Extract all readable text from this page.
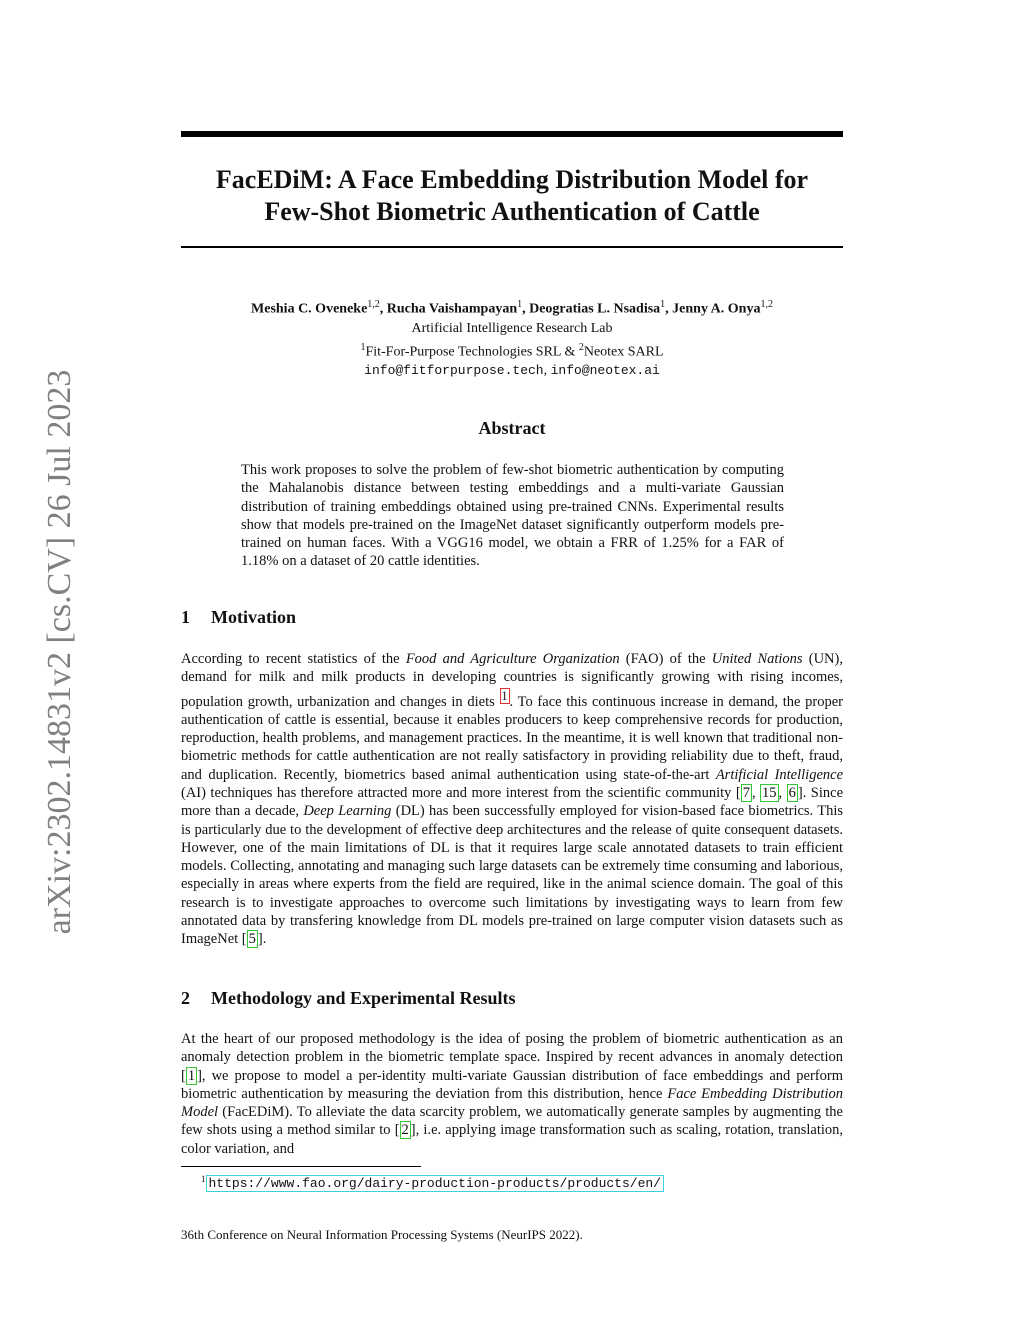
arXiv:2302.14831v2 [cs.CV] 26 Jul 2023
FacEDiM: A Face Embedding Distribution Model for
Few-Shot Biometric Authentication of Cattle
Meshia C. Oveneke$^{1,2}$, Rucha Vaishampayan$^1$, Deogratias L. Nsadisa$^1$, Jenny A. Onya$^{1,2}$
Artificial Intelligence Research Lab
$^1$Fit-For-Purpose Technologies SRL & $^2$Neotex SARL
info@fitforpurpose.tech, info@neotex.ai
Abstract
This work proposes to solve the problem of few-shot biometric authentication by computing the Mahalanobis distance between testing embeddings and a multi-variate Gaussian distribution of training embeddings obtained using pre-trained CNNs. Experimental results show that models pre-trained on the ImageNet dataset significantly outperform models pre-trained on human faces. With a VGG16 model, we obtain a FRR of 1.25% for a FAR of 1.18% on a dataset of 20 cattle identities.
1 Motivation
According to recent statistics of the Food and Agriculture Organization (FAO) of the United Nations (UN), demand for milk and milk products in developing countries is significantly growing with rising incomes, population growth, urbanization and changes in diets $^1$ . To face this continuous increase in demand, the proper authentication of cattle is essential, because it enables producers to keep comprehensive records for production, reproduction, health problems, and management practices. In the meantime, it is well known that traditional non-biometric methods for cattle authentication are not really satisfactory in providing reliability due to theft, fraud, and duplication. Recently, biometrics based animal authentication using state-of-the-art Artificial Intelligence (AI) techniques has therefore attracted more and more interest from the scientific community [ 7 , 15 , 6 ]. Since more than a decade, Deep Learning (DL) has been successfully employed for vision-based face biometrics. This is particularly due to the development of effective deep architectures and the release of quite consequent datasets. However, one of the main limitations of DL is that it requires large scale annotated datasets to train efficient models. Collecting, annotating and managing such large datasets can be extremely time consuming and laborious, especially in areas where experts from the field are required, like in the animal science domain. The goal of this research is to investigate approaches to overcome such limitations by investigating ways to learn from few annotated data by transfering knowledge from DL models pre-trained on large computer vision datasets such as ImageNet [ 5 ].
2 Methodology and Experimental Results
At the heart of our proposed methodology is the idea of posing the problem of biometric authentication as an anomaly detection problem in the biometric template space. Inspired by recent advances in anomaly detection [ 1 ], we propose to model a per-identity multi-variate Gaussian distribution of face embeddings and perform biometric authentication by measuring the deviation from this distribution, hence Face Embedding Distribution Model (FacEDiM). To alleviate the data scarcity problem, we automatically generate samples by augmenting the few shots using a method similar to [ 2 ], i.e. applying image transformation such as scaling, rotation, translation, color variation, and
$^1$ https://www.fao.org/dairy-production-products/products/en/
36th Conference on Neural Information Processing Systems (NeurIPS 2022).
